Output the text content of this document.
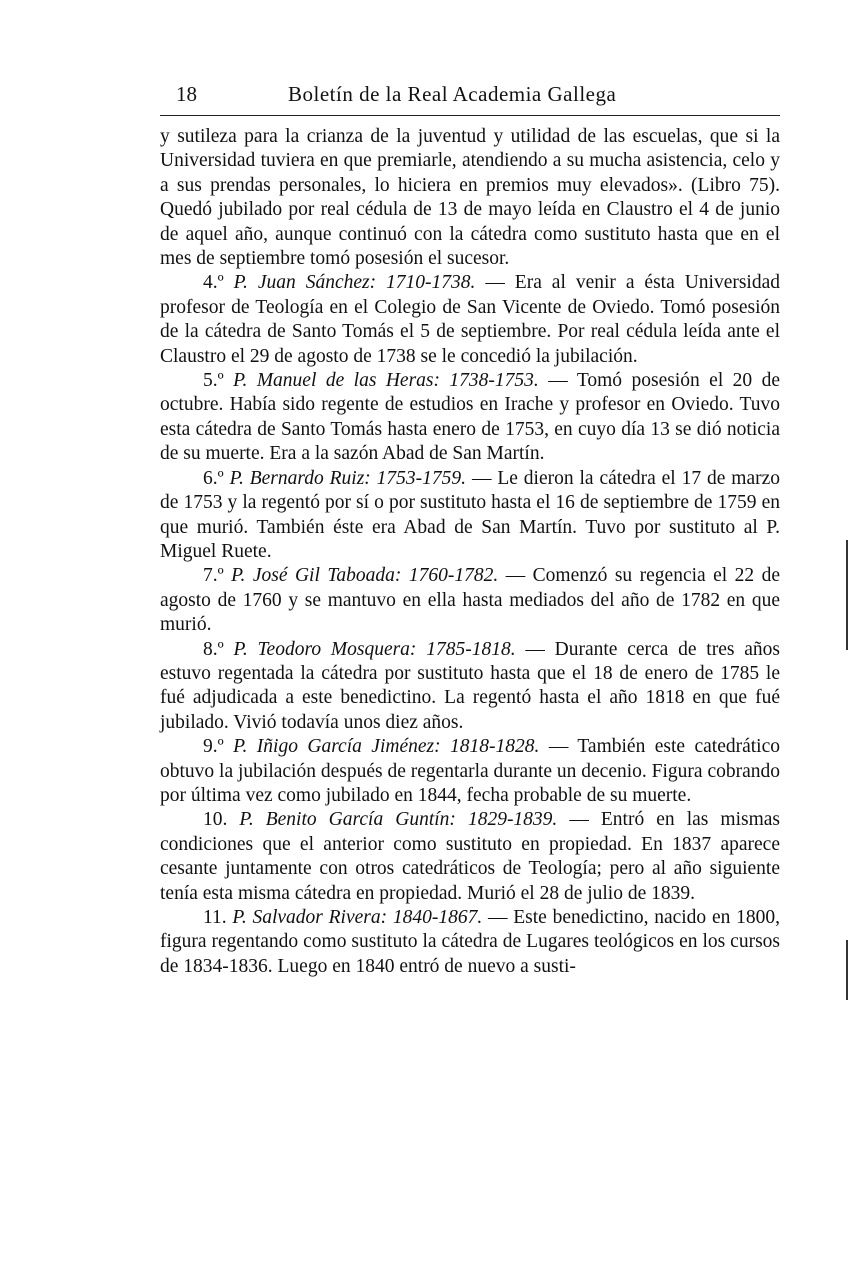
18	Boletín de la Real Academia Gallega

y sutileza para la crianza de la juventud y utilidad de las escuelas, que si la Universidad tuviera en que premiarle, atendiendo a su mucha asistencia, celo y a sus prendas personales, lo hiciera en premios muy elevados». (Libro 75). Quedó jubilado por real cédula de 13 de mayo leída en Claustro el 4 de junio de aquel año, aunque continuó con la cátedra como sustituto hasta que en el mes de septiembre tomó posesión el sucesor.

4.º P. Juan Sánchez: 1710-1738. — Era al venir a ésta Universidad profesor de Teología en el Colegio de San Vicente de Oviedo. Tomó posesión de la cátedra de Santo Tomás el 5 de septiembre. Por real cédula leída ante el Claustro el 29 de agosto de 1738 se le concedió la jubilación.

5.º P. Manuel de las Heras: 1738-1753. — Tomó posesión el 20 de octubre. Había sido regente de estudios en Irache y profesor en Oviedo. Tuvo esta cátedra de Santo Tomás hasta enero de 1753, en cuyo día 13 se dió noticia de su muerte. Era a la sazón Abad de San Martín.

6.º P. Bernardo Ruiz: 1753-1759. — Le dieron la cátedra el 17 de marzo de 1753 y la regentó por sí o por sustituto hasta el 16 de septiembre de 1759 en que murió. También éste era Abad de San Martín. Tuvo por sustituto al P. Miguel Ruete.

7.º P. José Gil Taboada: 1760-1782. — Comenzó su regencia el 22 de agosto de 1760 y se mantuvo en ella hasta mediados del año de 1782 en que murió.

8.º P. Teodoro Mosquera: 1785-1818. — Durante cerca de tres años estuvo regentada la cátedra por sustituto hasta que el 18 de enero de 1785 le fué adjudicada a este benedictino. La regentó hasta el año 1818 en que fué jubilado. Vivió todavía unos diez años.

9.º P. Iñigo García Jiménez: 1818-1828. — También este catedrático obtuvo la jubilación después de regentarla durante un decenio. Figura cobrando por última vez como jubilado en 1844, fecha probable de su muerte.

10. P. Benito García Guntín: 1829-1839. — Entró en las mismas condiciones que el anterior como sustituto en propiedad. En 1837 aparece cesante juntamente con otros catedráticos de Teología; pero al año siguiente tenía esta misma cátedra en propiedad. Murió el 28 de julio de 1839.

11. P. Salvador Rivera: 1840-1867. — Este benedictino, nacido en 1800, figura regentando como sustituto la cátedra de Lugares teológicos en los cursos de 1834-1836. Luego en 1840 entró de nuevo a susti-
